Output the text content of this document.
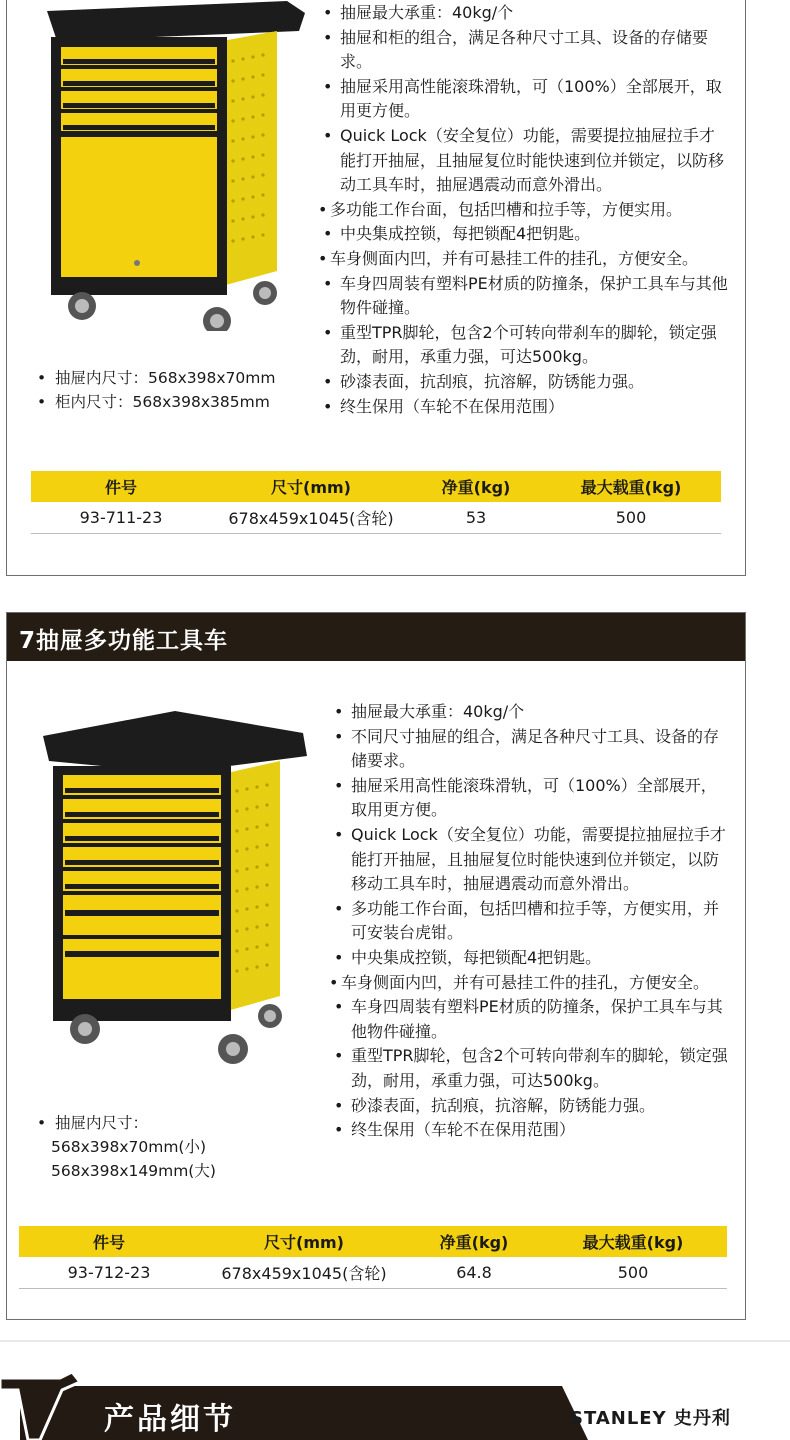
• 抽屉最大承重：40kg/个
• 抽屉和柜的组合，满足各种尺寸工具、设备的存储要求。
• 抽屉采用高性能滚珠滑轨，可（100%）全部展开，取用更方便。
• Quick Lock（安全复位）功能，需要提拉抽屉拉手才能打开抽屉，且抽屉复位时能快速到位并锁定，以防移动工具车时，抽屉遇震动而意外滑出。
• 多功能工作台面，包括凹槽和拉手等，方便实用。
• 中央集成控锁，每把锁配4把钥匙。
• 车身侧面内凹，并有可悬挂工件的挂孔，方便安全。
• 车身四周装有塑料PE材质的防撞条，保护工具车与其他物件碰撞。
• 重型TPR脚轮，包含2个可转向带刹车的脚轮，锁定强劲，耐用，承重力强，可达500kg。
• 砂漆表面，抗刮痕，抗溶解，防锈能力强。
• 终生保用（车轮不在保用范围）
• 抽屉内尺寸：568x398x70mm
• 柜内尺寸：568x398x385mm
件号	尺寸(mm)	净重(kg)	最大载重(kg)
93-711-23	678x459x1045(含轮)	53	500
7抽屉多功能工具车
• 抽屉最大承重：40kg/个
• 不同尺寸抽屉的组合，满足各种尺寸工具、设备的存储要求。
• 抽屉采用高性能滚珠滑轨，可（100%）全部展开，取用更方便。
• Quick Lock（安全复位）功能，需要提拉抽屉拉手才能打开抽屉，且抽屉复位时能快速到位并锁定，以防移动工具车时，抽屉遇震动而意外滑出。
• 多功能工作台面，包括凹槽和拉手等，方便实用，并可安装台虎钳。
• 中央集成控锁，每把锁配4把钥匙。
• 车身侧面内凹，并有可悬挂工件的挂孔，方便安全。
• 车身四周装有塑料PE材质的防撞条，保护工具车与其他物件碰撞。
• 重型TPR脚轮，包含2个可转向带刹车的脚轮，锁定强劲，耐用，承重力强，可达500kg。
• 砂漆表面，抗刮痕，抗溶解，防锈能力强。
• 终生保用（车轮不在保用范围）
• 抽屉内尺寸：
568x398x70mm(小)
568x398x149mm(大)
件号	尺寸(mm)	净重(kg)	最大载重(kg)
93-712-23	678x459x1045(含轮)	64.8	500
产品细节	STANLEY 史丹利
